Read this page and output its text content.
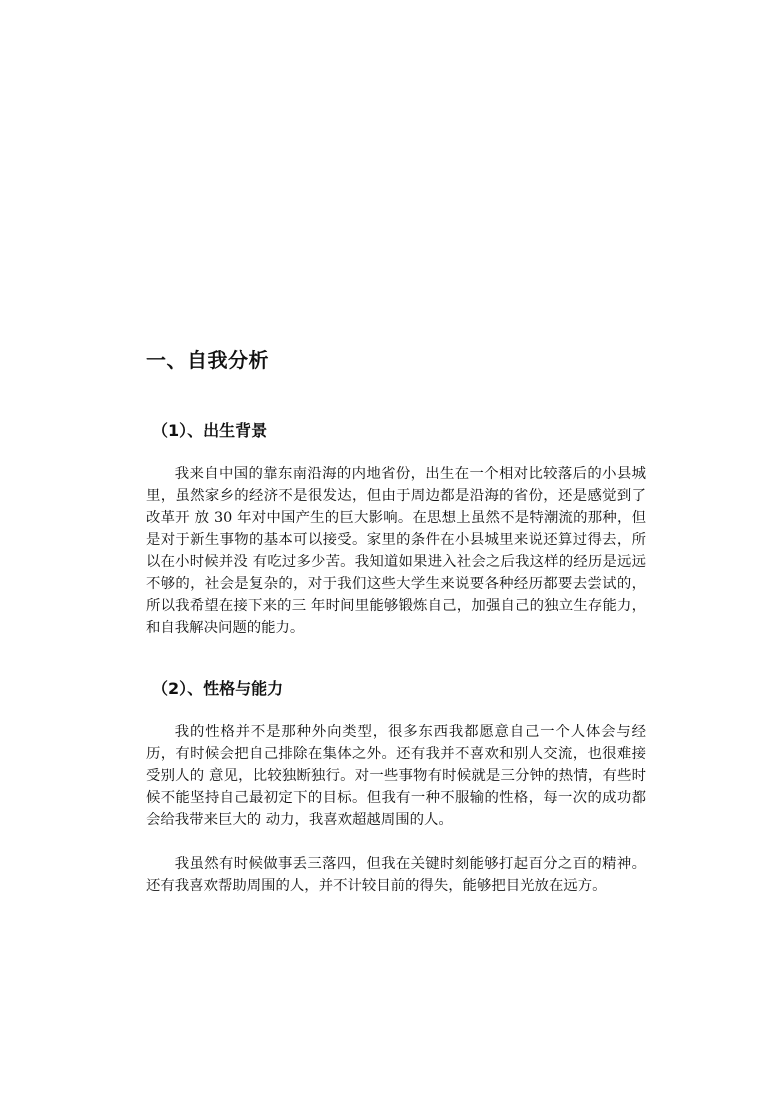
一、自我分析
（1）、出生背景

我来自中国的靠东南沿海的内地省份，出生在一个相对比较落后的小县城里，虽然家乡的经济不是很发达，但由于周边都是沿海的省份，还是感觉到了改革开 放 30 年对中国产生的巨大影响。在思想上虽然不是特潮流的那种，但是对于新生事物的基本可以接受。家里的条件在小县城里来说还算过得去，所以在小时候并没 有吃过多少苦。我知道如果进入社会之后我这样的经历是远远不够的，社会是复杂的，对于我们这些大学生来说要各种经历都要去尝试的，所以我希望在接下来的三 年时间里能够锻炼自己，加强自己的独立生存能力，和自我解决问题的能力。

（2）、性格与能力

我的性格并不是那种外向类型，很多东西我都愿意自己一个人体会与经历，有时候会把自己排除在集体之外。还有我并不喜欢和别人交流，也很难接受别人的 意见，比较独断独行。对一些事物有时候就是三分钟的热情，有些时候不能坚持自己最初定下的目标。但我有一种不服输的性格，每一次的成功都会给我带来巨大的 动力，我喜欢超越周围的人。

我虽然有时候做事丢三落四，但我在关键时刻能够打起百分之百的精神。还有我喜欢帮助周围的人，并不计较目前的得失，能够把目光放在远方。
